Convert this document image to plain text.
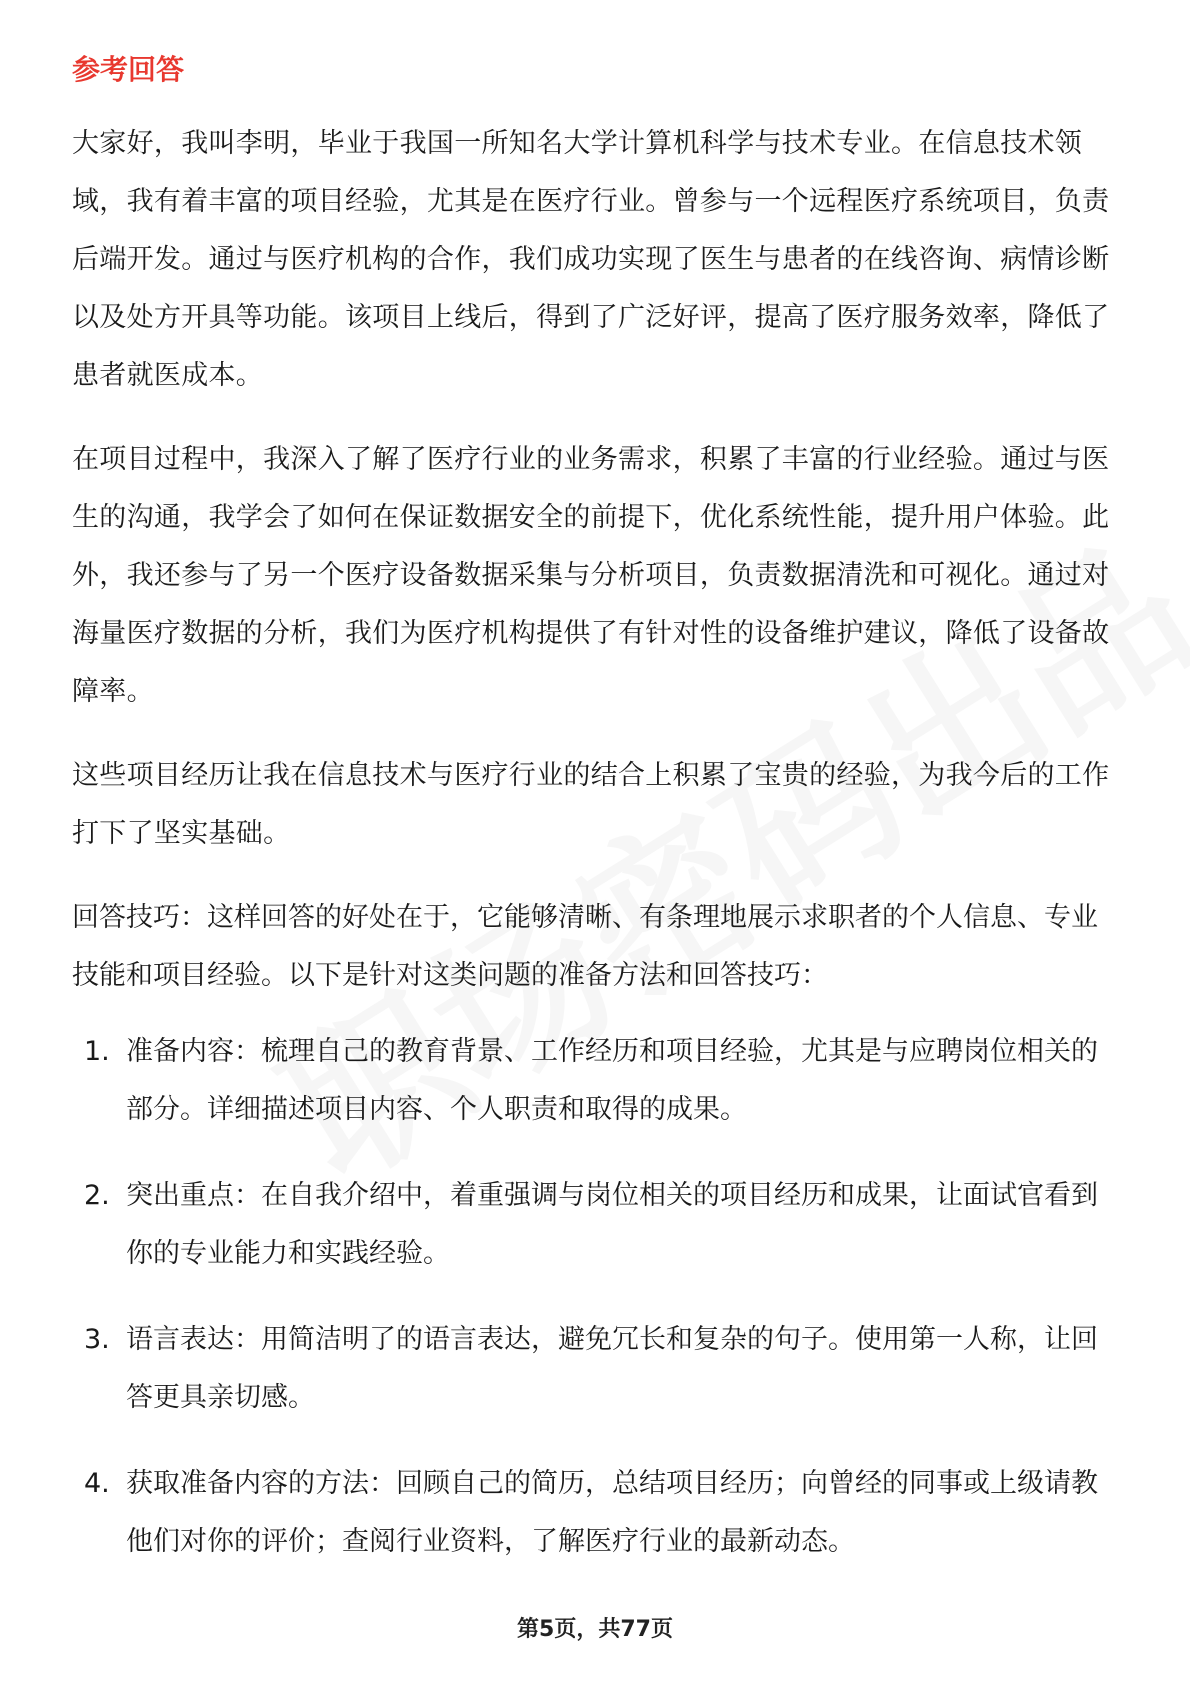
参考回答

大家好，我叫李明，毕业于我国一所知名大学计算机科学与技术专业。在信息技术领域，我有着丰富的项目经验，尤其是在医疗行业。曾参与一个远程医疗系统项目，负责后端开发。通过与医疗机构的合作，我们成功实现了医生与患者的在线咨询、病情诊断以及处方开具等功能。该项目上线后，得到了广泛好评，提高了医疗服务效率，降低了患者就医成本。

在项目过程中，我深入了解了医疗行业的业务需求，积累了丰富的行业经验。通过与医生的沟通，我学会了如何在保证数据安全的前提下，优化系统性能，提升用户体验。此外，我还参与了另一个医疗设备数据采集与分析项目，负责数据清洗和可视化。通过对海量医疗数据的分析，我们为医疗机构提供了有针对性的设备维护建议，降低了设备故障率。

这些项目经历让我在信息技术与医疗行业的结合上积累了宝贵的经验，为我今后的工作打下了坚实基础。

回答技巧：这样回答的好处在于，它能够清晰、有条理地展示求职者的个人信息、专业技能和项目经验。以下是针对这类问题的准备方法和回答技巧：

1. 准备内容：梳理自己的教育背景、工作经历和项目经验，尤其是与应聘岗位相关的部分。详细描述项目内容、个人职责和取得的成果。
2. 突出重点：在自我介绍中，着重强调与岗位相关的项目经历和成果，让面试官看到你的专业能力和实践经验。
3. 语言表达：用简洁明了的语言表达，避免冗长和复杂的句子。使用第一人称，让回答更具亲切感。
4. 获取准备内容的方法：回顾自己的简历，总结项目经历；向曾经的同事或上级请教他们对你的评价；查阅行业资料，了解医疗行业的最新动态。
第5页，共77页
